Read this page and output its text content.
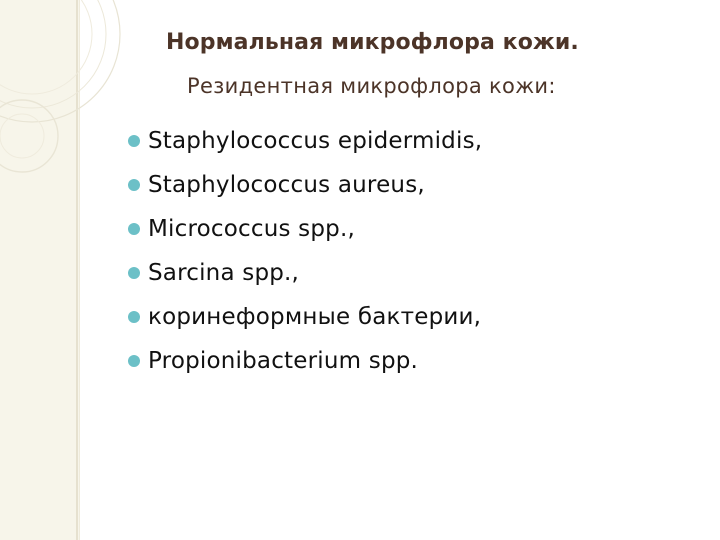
Нормальная микрофлора кожи.
Резидентная микрофлора кожи:
Staphylococcus epidermidis,
Staphylococcus aureus,
Micrococcus spp.,
Sarcina spp.,
коринеформные бактерии,
Propionibacterium spp.
